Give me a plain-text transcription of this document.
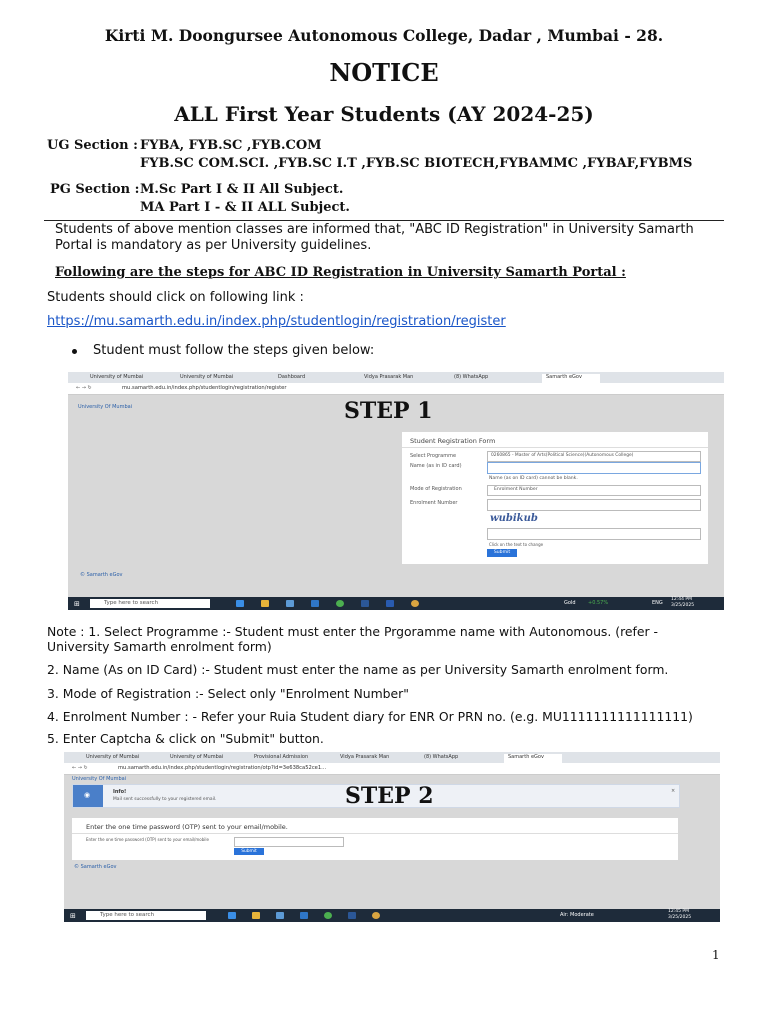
Kirti M. Doongursee Autonomous College, Dadar , Mumbai - 28.
NOTICE
ALL First Year Students (AY 2024-25)
UG Section : FYBA, FYB.SC ,FYB.COM
FYB.SC COM.SCI. ,FYB.SC I.T ,FYB.SC BIOTECH,FYBAMMC ,FYBAF,FYBMS
PG Section : M.Sc Part I & II All Subject.
MA Part I - & II ALL Subject.
Students of above mention classes are informed that, "ABC ID Registration" in University Samarth Portal is mandatory as per University guidelines.
Following are the steps for ABC ID Registration in University Samarth Portal :
Students should click on following link :
https://mu.samarth.edu.in/index.php/studentlogin/registration/register
Student must follow the steps given below:
University of Mumbai	University of Mumbai	Dashboard	Vidya Prasarak Man	(8) WhatsApp	Samarth eGov
← → ↻	mu.samarth.edu.in/index.php/studentlogin/registration/register
University Of Mumbai	STEP 1
Student Registration Form
Select Programme	0260865 - Master of Arts(Political Science)(Autonomous College)
Name (as in ID card)
Name (as on ID card) cannot be blank.
Mode of Registration	Enrolment Number
Enrolment Number
wubikub
Click on the text to change
Submit
© Samarth eGov
⊞	Type here to search	Gold	+0.57%	ENG
12:44 PM
3/25/2025
Note : 1. Select Programme :- Student must enter the Prgoramme name with Autonomous. (refer - University Samarth enrolment form)
2. Name (As on ID Card) :- Student must enter the name as per University Samarth enrolment form.
3. Mode of Registration :- Select only "Enrolment Number"
4. Enrolment Number : - Refer your Ruia Student diary for ENR Or PRN no. (e.g. MU1111111111111111)
5. Enter Captcha & click on "Submit" button.
University of Mumbai	University of Mumbai	Provisional Admission	Vidya Prasarak Man	(8) WhatsApp	Samarth eGov
← → ↻	mu.samarth.edu.in/index.php/studentlogin/registration/otp?id=3e638ca52ce1...
University Of Mumbai
◉	Info!
Mail sent successfully to your registered email.
×
STEP 2
Enter the one time password (OTP) sent to your email/mobile.
Enter the one time password (OTP) sent to your email/mobile
Submit
© Samarth eGov
⊞	Type here to search	Air: Moderate
12:45 PM
3/25/2025
1
